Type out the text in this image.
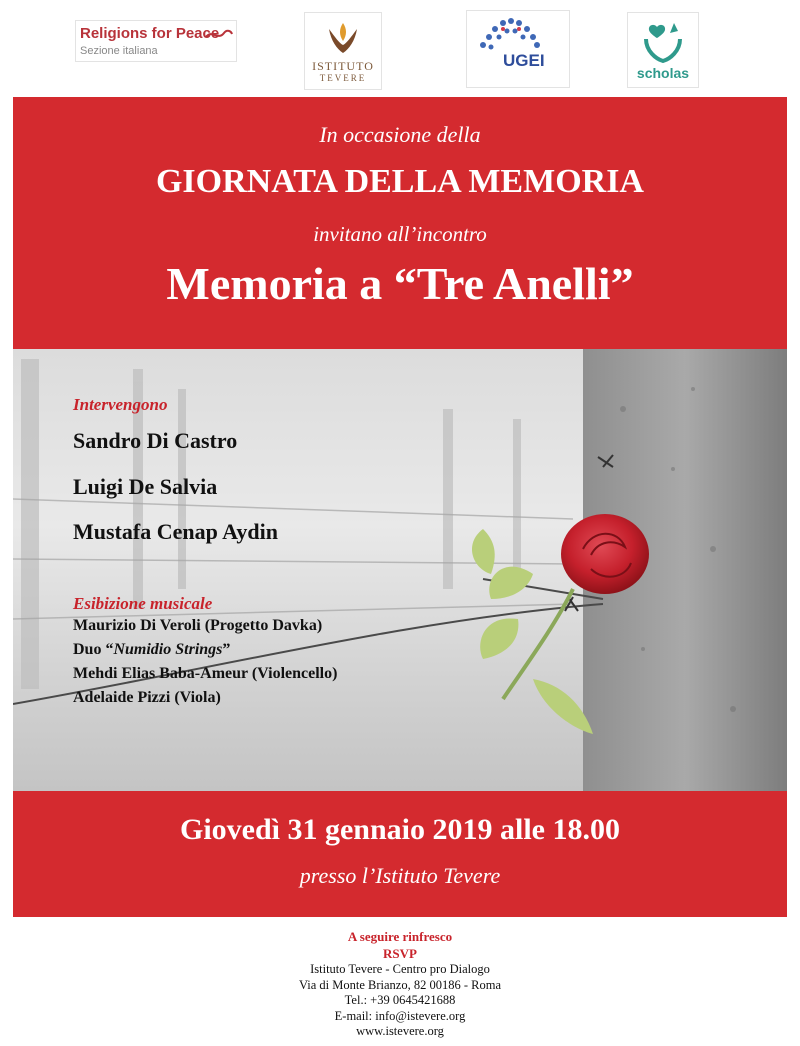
Religions for Peace
Sezione italiana
ISTITUTO
TEVERE
UGEI
scholas
In occasione della
GIORNATA DELLA MEMORIA
invitano all’incontro
Memoria a “Tre Anelli”
Intervengono
Sandro Di Castro
Luigi De Salvia
Mustafa Cenap Aydin
Esibizione musicale
Maurizio Di Veroli (Progetto Davka)
Duo “Numidio Strings”
Mehdi Elias Baba-Ameur (Violencello)
Adelaide Pizzi (Viola)
Giovedì 31 gennaio 2019 alle 18.00
presso l’Istituto Tevere
A seguire rinfresco
RSVP
Istituto Tevere - Centro pro Dialogo
Via di Monte Brianzo, 82 00186 - Roma
Tel.: +39 0645421688
E-mail: info@istevere.org
www.istevere.org
